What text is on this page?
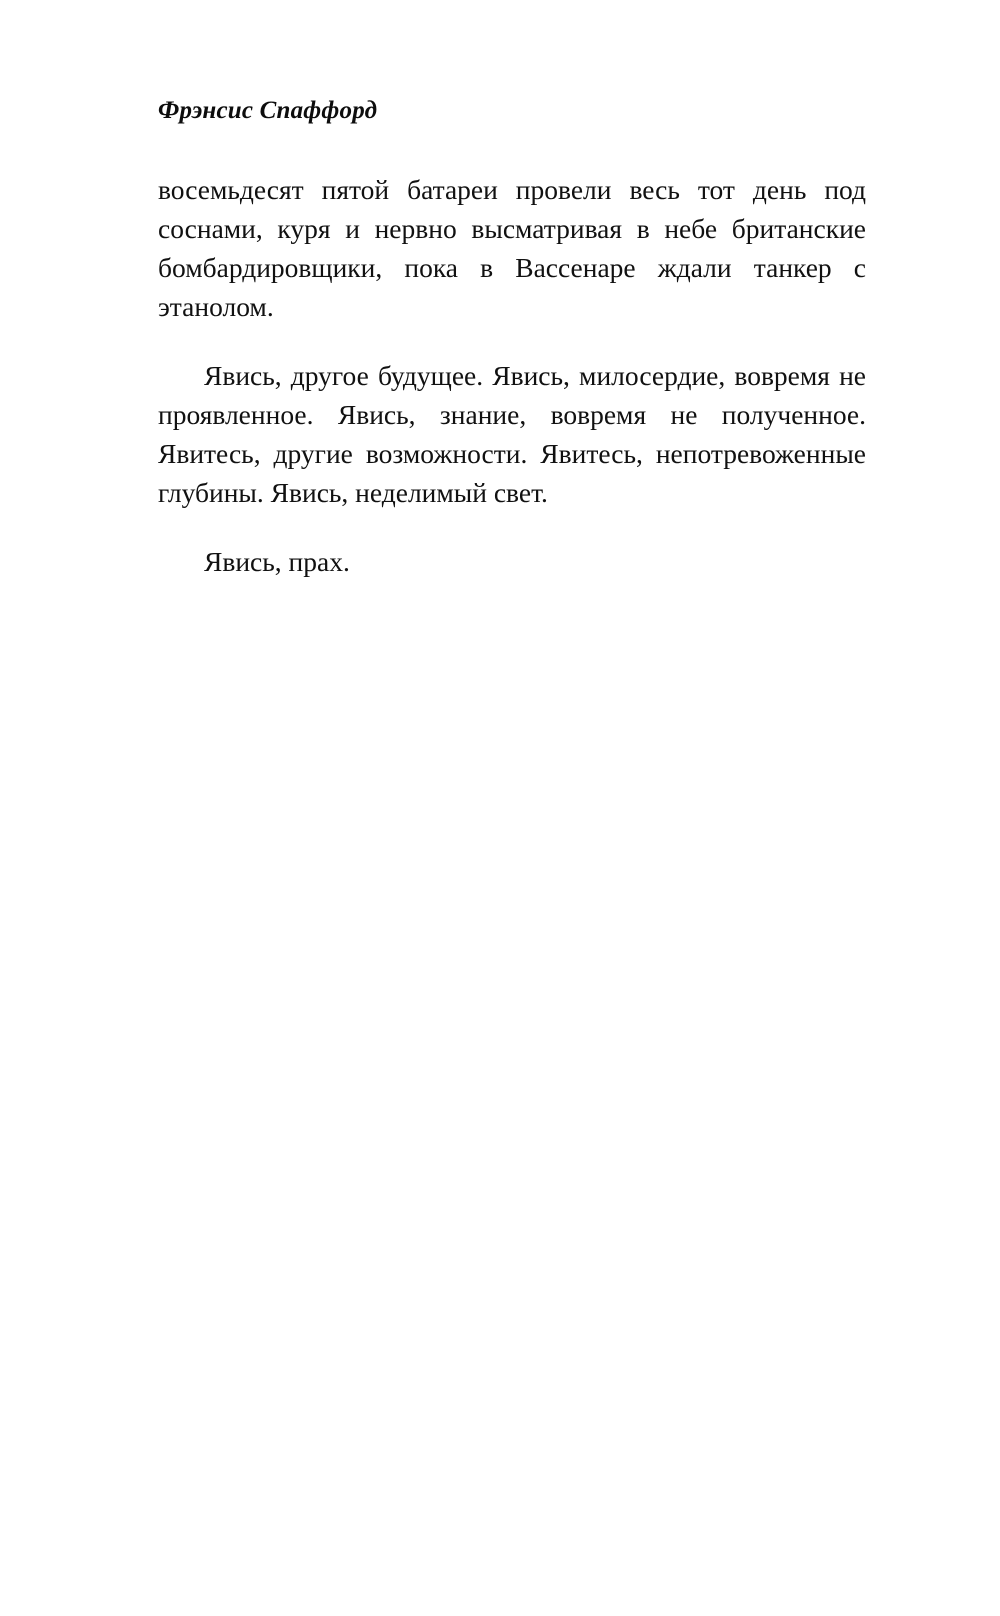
Фрэнсис Спаффорд

восемьдесят пятой батареи провели весь тот день под соснами, куря и нервно высматривая в небе британские бомбардировщики, пока в Вассенаре ждали танкер с этанолом.

Явись, другое будущее. Явись, милосердие, вовремя не проявленное. Явись, знание, вовремя не полученное. Явитесь, другие возможности. Явитесь, непотревоженные глубины. Явись, неделимый свет.

Явись, прах.
